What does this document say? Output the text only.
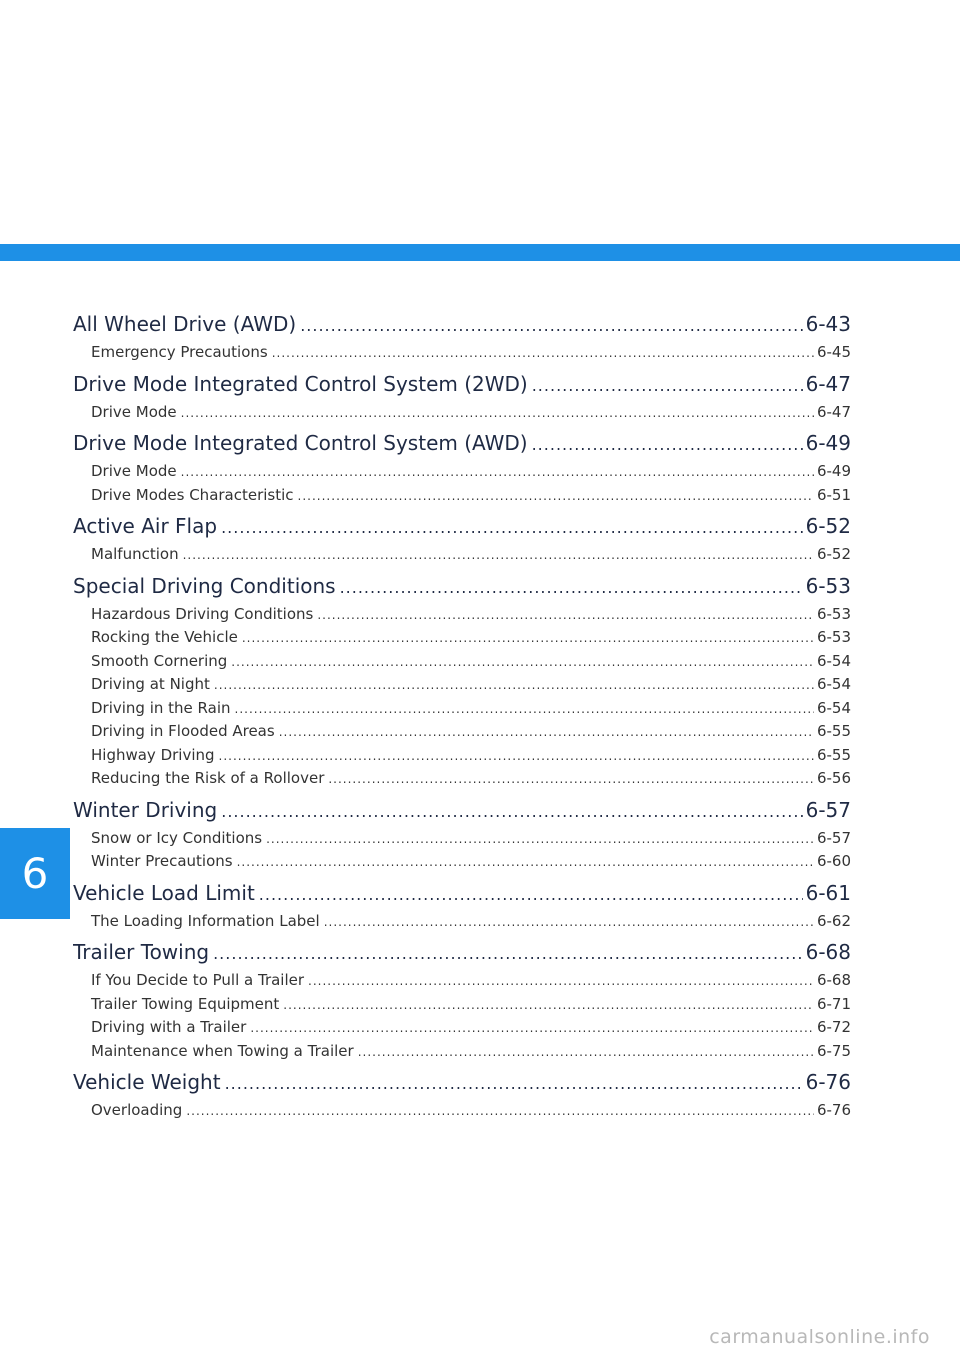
All Wheel Drive (AWD) .....	6-43
Emergency Precautions .....	6-45
Drive Mode Integrated Control System (2WD) .....	6-47
Drive Mode .....	6-47
Drive Mode Integrated Control System (AWD) .....	6-49
Drive Mode .....	6-49
Drive Modes Characteristic .....	6-51
Active Air Flap .....	6-52
Malfunction .....	6-52
Special Driving Conditions .....	6-53
Hazardous Driving Conditions .....	6-53
Rocking the Vehicle .....	6-53
Smooth Cornering .....	6-54
Driving at Night .....	6-54
Driving in the Rain .....	6-54
Driving in Flooded Areas .....	6-55
Highway Driving .....	6-55
Reducing the Risk of a Rollover .....	6-56
Winter Driving .....	6-57
Snow or Icy Conditions .....	6-57
Winter Precautions .....	6-60
Vehicle Load Limit .....	6-61
The Loading Information Label .....	6-62
Trailer Towing .....	6-68
If You Decide to Pull a Trailer .....	6-68
Trailer Towing Equipment .....	6-71
Driving with a Trailer .....	6-72
Maintenance when Towing a Trailer .....	6-75
Vehicle Weight .....	6-76
Overloading .....	6-76
6
carmanualsonline.info
